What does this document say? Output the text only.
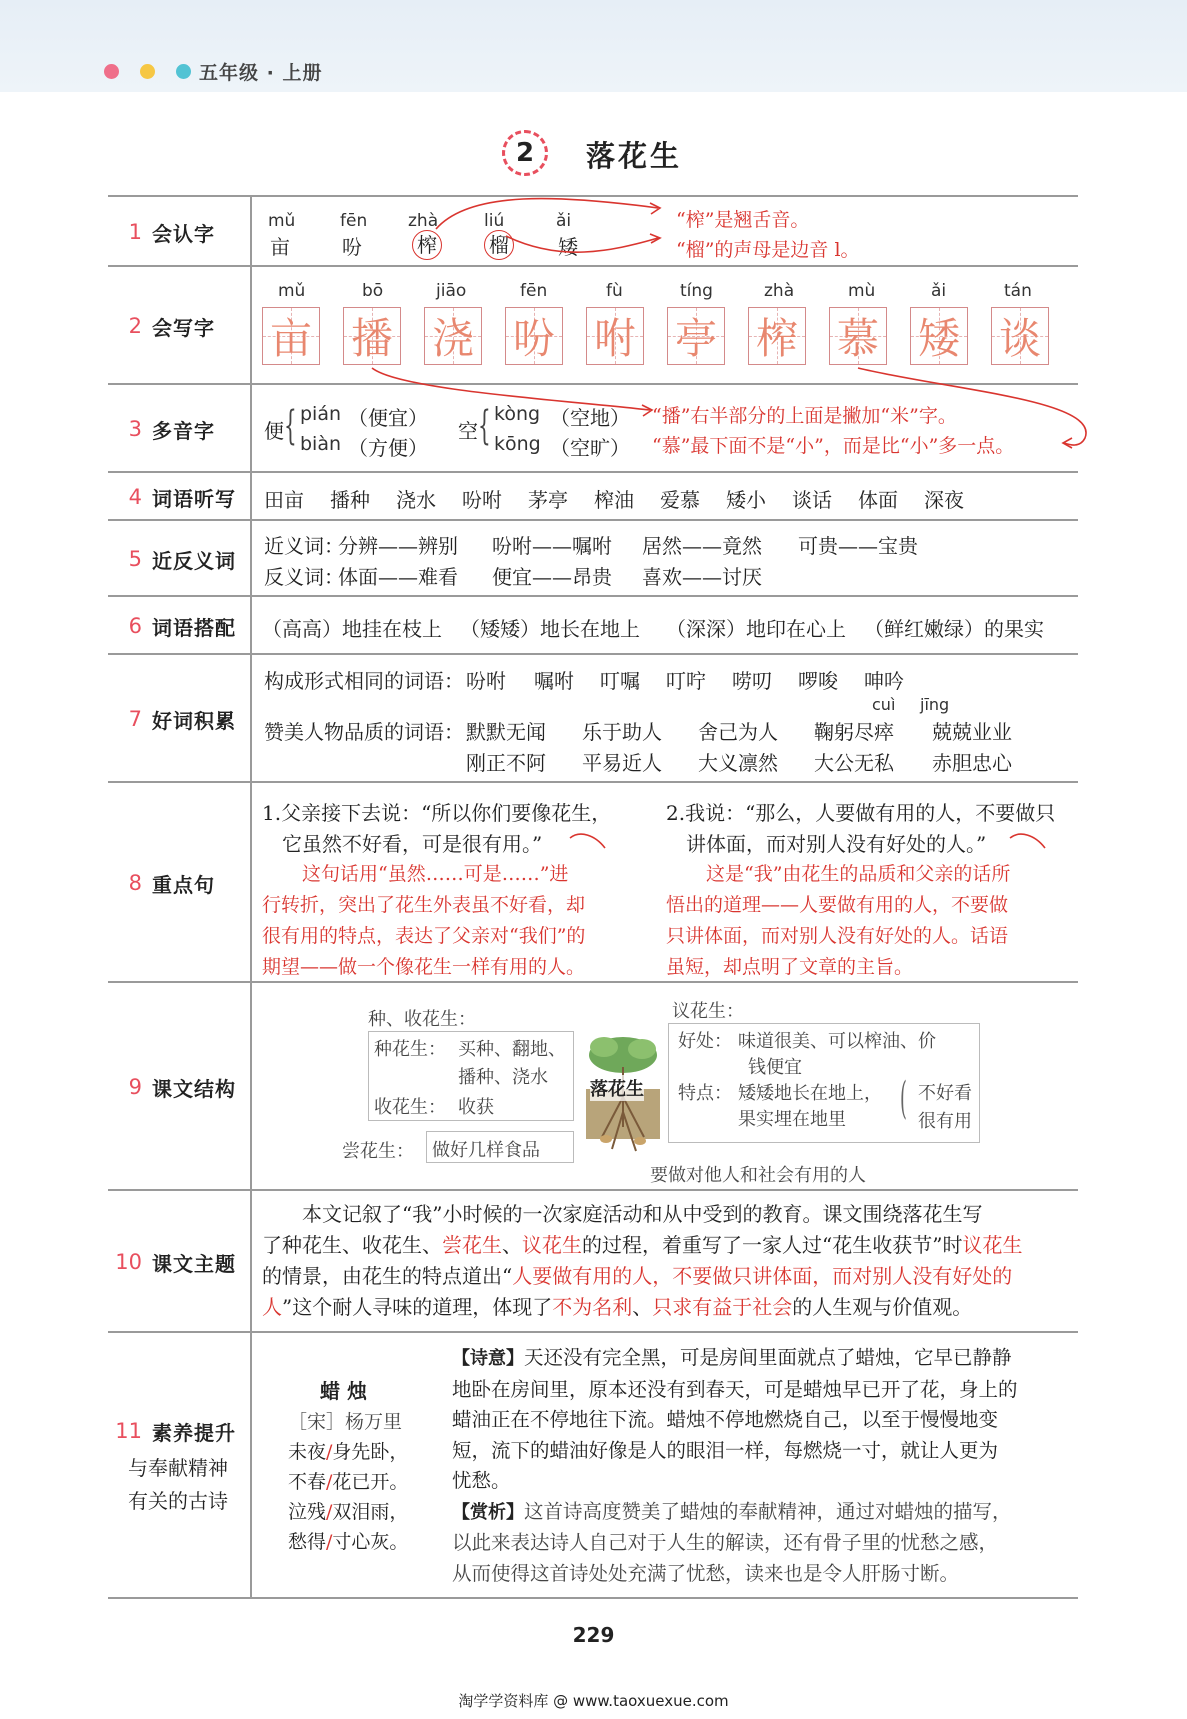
五年级 · 上册
2	落花生
1 会认字
mǔ
亩
fēn
吩
zhà
榨
liú
榴
ǎi
矮
“榨”是翘舌音。
“榴”的声母是边音 l。
2 会写字
mǔ
亩
bō
播
jiāo
浇
fēn
吩
fù
咐
tíng
亭
zhà
榨
mù
慕
ǎi
矮
tán
谈
3 多音字 便 { pián （便宜）
biàn （方便）
空 { kòng （空地）
kōng （空旷）
“播”右半部分的上面是撇加“米”字。
“慕”最下面不是“小”，而是比“小”多一点。
4 词语听写 田亩 播种 浇水 吩咐 茅亭 榨油 爱慕 矮小 谈话 体面 深夜
5 近反义词
近义词：
分辨——辨别 吩咐——嘱咐 居然——竟然 可贵——宝贵
反义词：
体面——难看 便宜——昂贵 喜欢——讨厌
6 词语搭配 （高高）地挂在枝上 （矮矮）地长在地上 （深深）地印在心上 （鲜红嫩绿）的果实
7 好词积累
构成形式相同的词语： 吩咐 嘱咐 叮嘱 叮咛 唠叨 啰唆 呻吟
cuì jīng
赞美人物品质的词语： 默默无闻 乐于助人 舍己为人 鞠躬尽瘁 兢兢业业
刚正不阿 平易近人 大义凛然 大公无私 赤胆忠心
8 重点句
1.父亲接下去说：“所以你们要像花生，
它虽然不好看，可是很有用。”
这句话用“虽然……可是……”进
行转折，突出了花生外表虽不好看，却
很有用的特点，表达了父亲对“我们”的
期望——做一个像花生一样有用的人。
2.我说：“那么，人要做有用的人，不要做只
讲体面，而对别人没有好处的人。”
这是“我”由花生的品质和父亲的话所
悟出的道理——人要做有用的人，不要做
只讲体面，而对别人没有好处的人。话语
虽短，却点明了文章的主旨。
9 课文结构
种、收花生：
种花生： 买种、翻地、
播种、浇水
收花生： 收获
尝花生： 做好几样食品
落花生
议花生：
好处： 味道很美、可以榨油、价
钱便宜
特点： 矮矮地长在地上，
果实埋在地里 ( 不好看
很有用
要做对他人和社会有用的人
10 课文主题
本文记叙了“我”小时候的一次家庭活动和从中受到的教育。课文围绕落花生写
了种花生、收花生、尝花生、议花生的过程，着重写了一家人过“花生收获节”时议花生
的情景，由花生的特点道出“人要做有用的人，不要做只讲体面，而对别人没有好处的
人”这个耐人寻味的道理，体现了不为名利、只求有益于社会的人生观与价值观。
11 素养提升
与奉献精神
有关的古诗
蜡 烛
［宋］杨万里
未夜/身先卧，
不春/花已开。
泣残/双泪雨，
愁得/寸心灰。
【诗意】天还没有完全黑，可是房间里面就点了蜡烛，它早已静静
地卧在房间里，原本还没有到春天，可是蜡烛早已开了花，身上的
蜡油正在不停地往下流。蜡烛不停地燃烧自己，以至于慢慢地变
短，流下的蜡油好像是人的眼泪一样，每燃烧一寸，就让人更为
忧愁。
【赏析】这首诗高度赞美了蜡烛的奉献精神，通过对蜡烛的描写，
以此来表达诗人自己对于人生的解读，还有骨子里的忧愁之感，
从而使得这首诗处处充满了忧愁，读来也是令人肝肠寸断。
229
淘学学资料库 @ www.taoxuexue.com
